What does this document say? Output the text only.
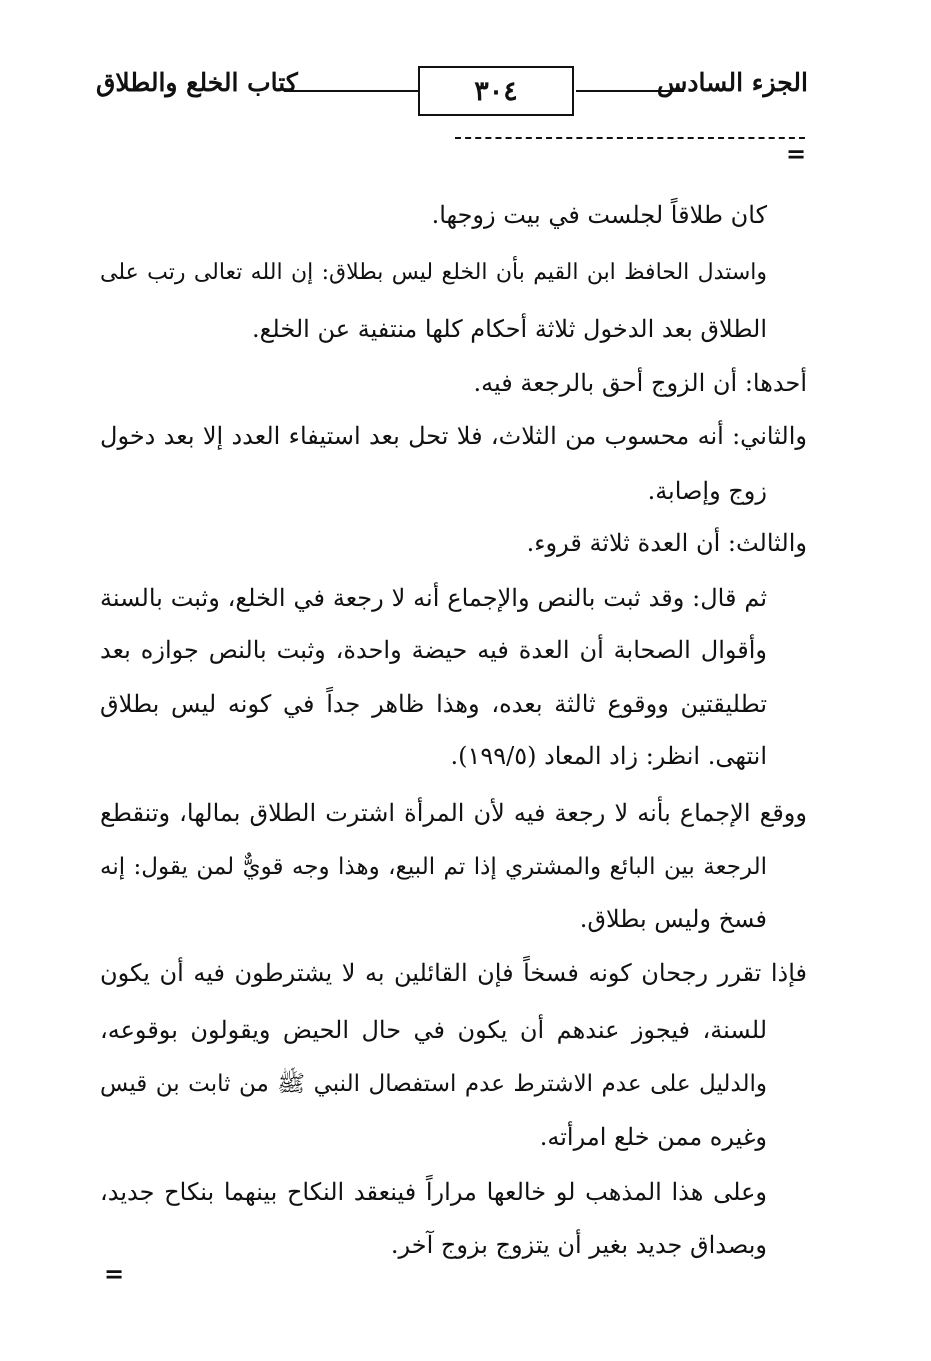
الجزء السادس
٣٠٤
كتاب الخلع والطلاق
=
كان طلاقاً لجلست في بيت زوجها.
واستدل الحافظ ابن القيم بأن الخلع ليس بطلاق: إن الله تعالى رتب على
الطلاق بعد الدخول ثلاثة أحكام كلها منتفية عن الخلع.
أحدها: أن الزوج أحق بالرجعة فيه.
والثاني: أنه محسوب من الثلاث، فلا تحل بعد استيفاء العدد إلا بعد دخول
زوج وإصابة.
والثالث: أن العدة ثلاثة قروء.
ثم قال: وقد ثبت بالنص والإجماع أنه لا رجعة في الخلع، وثبت بالسنة
وأقوال الصحابة أن العدة فيه حيضة واحدة، وثبت بالنص جوازه بعد
تطليقتين ووقوع ثالثة بعده، وهذا ظاهر جداً في كونه ليس بطلاق
انتهى. انظر: زاد المعاد (١٩٩/٥).
ووقع الإجماع بأنه لا رجعة فيه لأن المرأة اشترت الطلاق بمالها، وتنقطع
الرجعة بين البائع والمشتري إذا تم البيع، وهذا وجه قويٌّ لمن يقول: إنه
فسخ وليس بطلاق.
فإذا تقرر رجحان كونه فسخاً فإن القائلين به لا يشترطون فيه أن يكون
للسنة، فيجوز عندهم أن يكون في حال الحيض ويقولون بوقوعه،
والدليل على عدم الاشترط عدم استفصال النبي ﷺ من ثابت بن قيس
وغيره ممن خلع امرأته.
وعلى هذا المذهب لو خالعها مراراً فينعقد النكاح بينهما بنكاح جديد،
وبصداق جديد بغير أن يتزوج بزوج آخر.
=
